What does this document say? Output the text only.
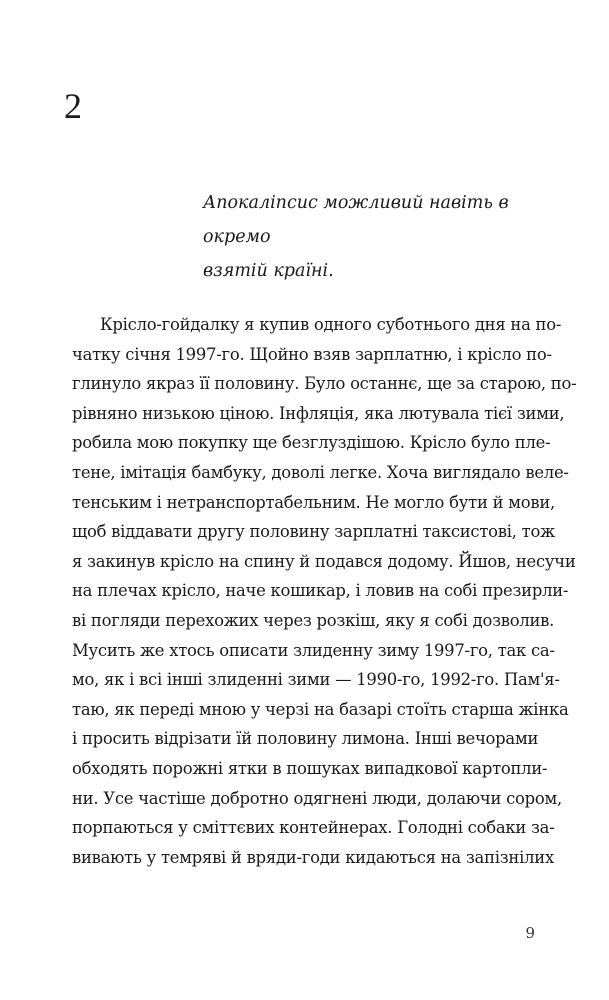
2
Апокаліпсис можливий навіть в окремо
взятій країні.
Крісло-гойдалку я купив одного суботнього дня на по-
чатку січня 1997-го. Щойно взяв зарплатню, і крісло по-
глинуло якраз її половину. Було останнє, ще за старою, по-
рівняно низькою ціною. Інфляція, яка лютувала тієї зими,
робила мою покупку ще безглуздішою. Крісло було пле-
тене, імітація бамбуку, доволі легке. Хоча виглядало веле-
тенським і нетранспортабельним. Не могло бути й мови,
щоб віддавати другу половину зарплатні таксистові, тож
я закинув крісло на спину й подався додому. Йшов, несучи
на плечах крісло, наче кошикар, і ловив на собі презирли-
ві погляди перехожих через розкіш, яку я собі дозволив.
Мусить же хтось описати злиденну зиму 1997-го, так са-
мо, як і всі інші злиденні зими — 1990-го, 1992-го. Пам'я-
таю, як переді мною у черзі на базарі стоїть старша жінка
і просить відрізати їй половину лимона. Інші вечорами
обходять порожні ятки в пошуках випадкової картопли-
ни. Усе частіше добротно одягнені люди, долаючи сором,
порпаються у сміттєвих контейнерах. Голодні собаки за-
вивають у темряві й вряди-годи кидаються на запізнілих
9
